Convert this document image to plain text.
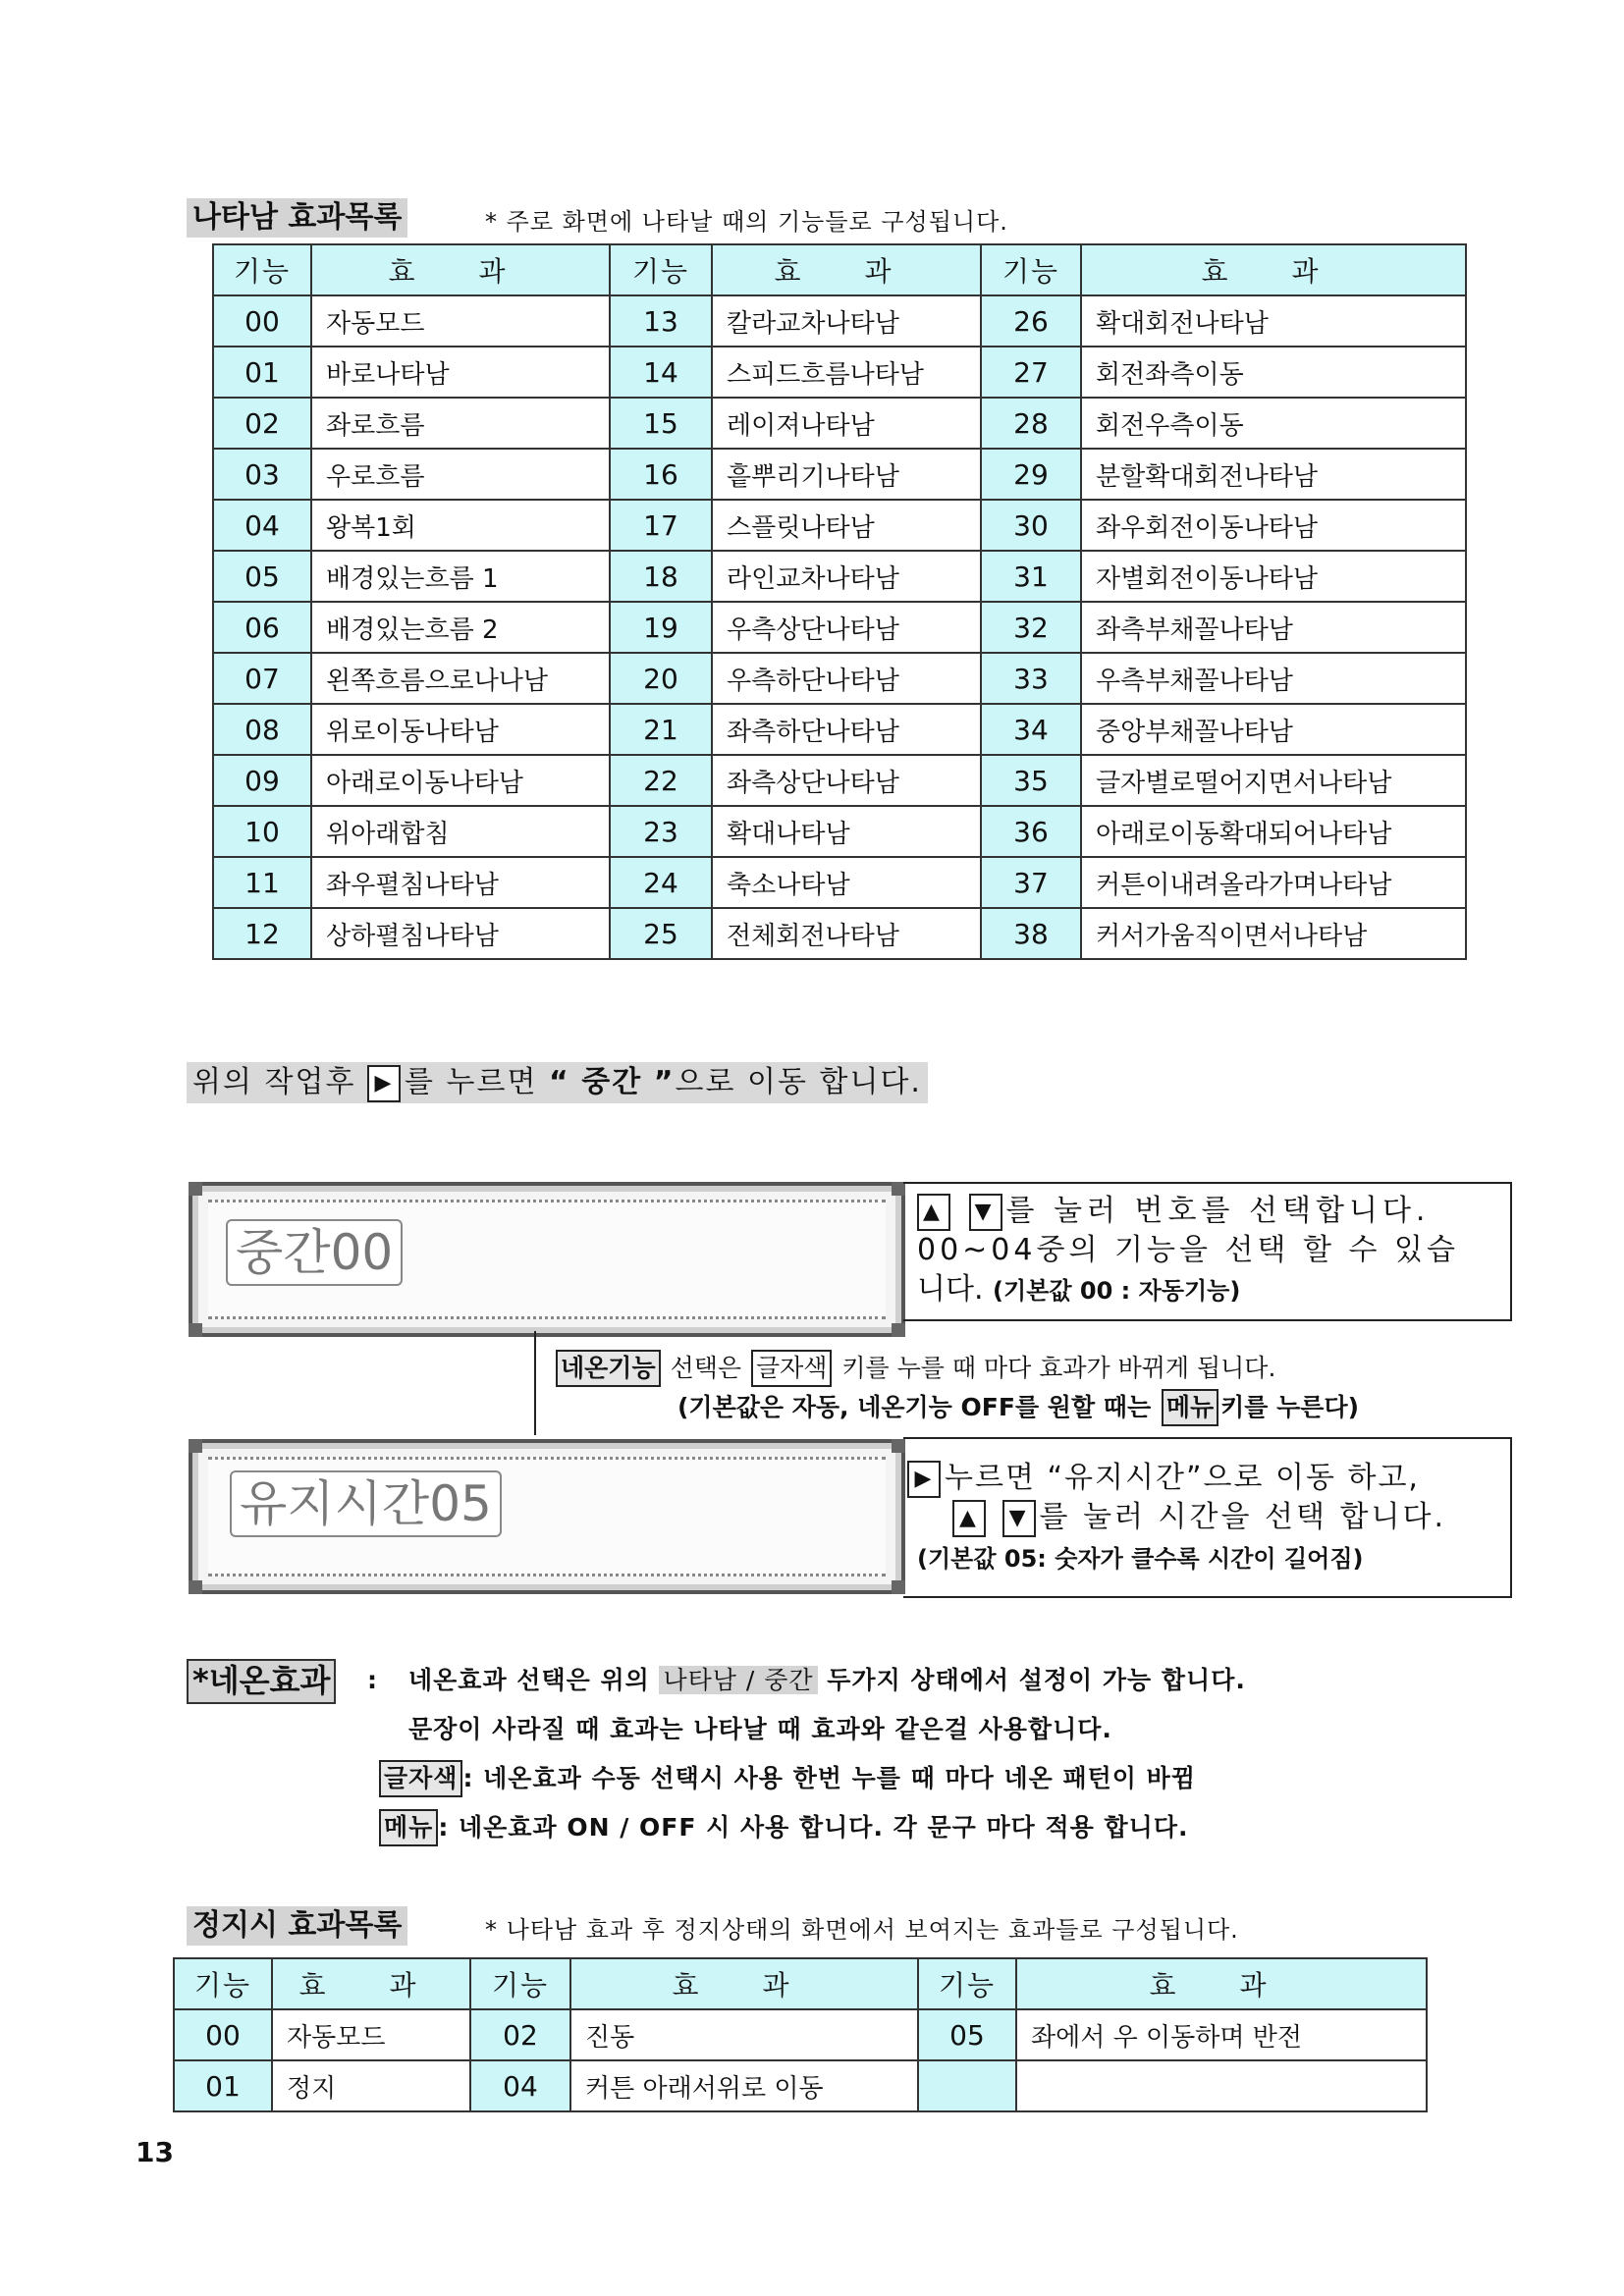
나타남 효과목록	* 주로 화면에 나타날 때의 기능들로 구성됩니다.
기능	효 과	기능	효 과	기능	효 과
00	자동모드	13	칼라교차나타남	26	확대회전나타남
01	바로나타남	14	스피드흐름나타남	27	회전좌측이동
02	좌로흐름	15	레이져나타남	28	회전우측이동
03	우로흐름	16	흩뿌리기나타남	29	분할확대회전나타남
04	왕복1회	17	스플릿나타남	30	좌우회전이동나타남
05	배경있는흐름 1	18	라인교차나타남	31	자별회전이동나타남
06	배경있는흐름 2	19	우측상단나타남	32	좌측부채꼴나타남
07	왼쪽흐름으로나나남	20	우측하단나타남	33	우측부채꼴나타남
08	위로이동나타남	21	좌측하단나타남	34	중앙부채꼴나타남
09	아래로이동나타남	22	좌측상단나타남	35	글자별로떨어지면서나타남
10	위아래합침	23	확대나타남	36	아래로이동확대되어나타남
11	좌우펼침나타남	24	축소나타남	37	커튼이내려올라가며나타남
12	상하펼침나타남	25	전체회전나타남	38	커서가움직이면서나타남
위의 작업후 ▶ 를 누르면 “ 중간 ”으로 이동 합니다.
중간00
▲ ▼ 를 눌러 번호를 선택합니다.
00~04중의 기능을 선택 할 수 있습
니다. (기본값 00 : 자동기능)
네온기능 선택은 글자색 키를 누를 때 마다 효과가 바뀌게 됩니다.
(기본값은 자동, 네온기능 OFF를 원할 때는 메뉴 키를 누른다)
유지시간05	▶ 누르면 “유지시간”으로 이동 하고,
▲ ▼ 를 눌러 시간을 선택 합니다.
(기본값 05: 숫자가 클수록 시간이 길어짐)
*네온효과 : 네온효과 선택은 위의 나타남 / 중간 두가지 상태에서 설정이 가능 합니다.
문장이 사라질 때 효과는 나타날 때 효과와 같은걸 사용합니다.
글자색 : 네온효과 수동 선택시 사용 한번 누를 때 마다 네온 패턴이 바뀜
메뉴 : 네온효과 ON / OFF 시 사용 합니다. 각 문구 마다 적용 합니다.
정지시 효과목록	* 나타남 효과 후 정지상태의 화면에서 보여지는 효과들로 구성됩니다.
기능	효 과	기능	효 과	기능	효 과
00	자동모드	02	진동	05	좌에서 우 이동하며 반전
01	정지	04	커튼 아래서위로 이동		
13
